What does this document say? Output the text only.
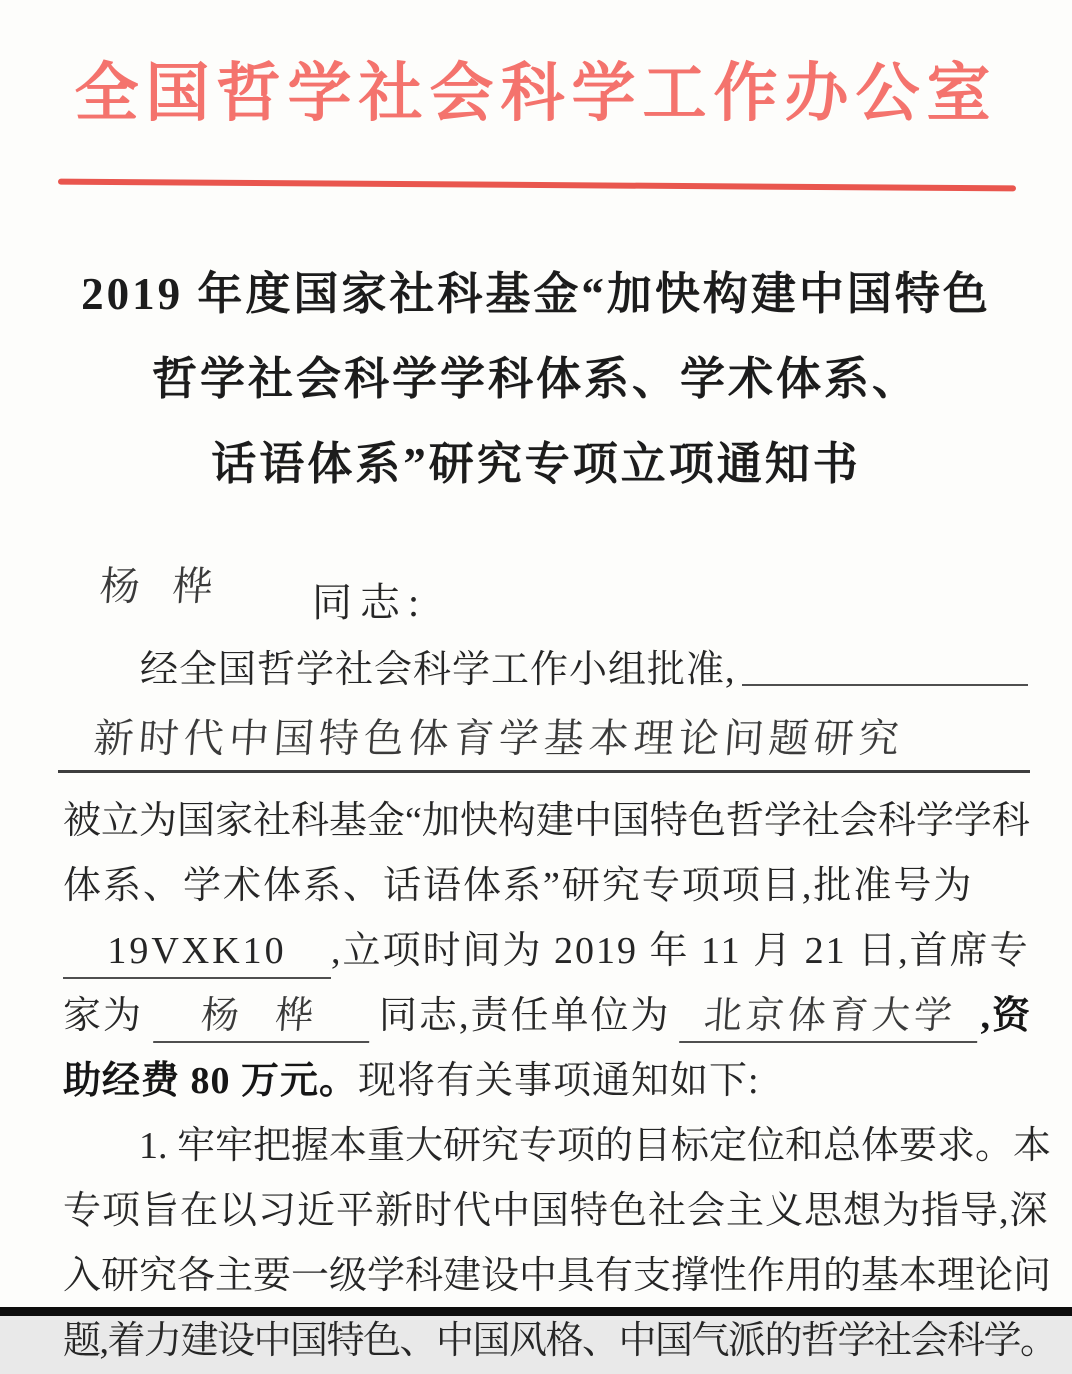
全国哲学社会科学工作办公室
2019 年度国家社科基金“加快构建中国特色
哲学社会科学学科体系、学术体系、
话语体系”研究专项立项通知书
杨 桦 同志:
经全国哲学社会科学工作小组批准,
新时代中国特色体育学基本理论问题研究

被立为国家社科基金“加快构建中国特色哲学社会科学学科

体系、学术体系、话语体系”研究专项项目,批准号为

19VXK10 ,立项时间为 2019 年 11 月 21 日,首席专

家为 杨 桦 同志,责任单位为 北京体育大学 ,资

助经费 80 万元。现将有关事项通知如下:

1. 牢牢把握本重大研究专项的目标定位和总体要求。本

专项旨在以习近平新时代中国特色社会主义思想为指导,深

入研究各主要一级学科建设中具有支撑性作用的基本理论问

题,着力建设中国特色、中国风格、中国气派的哲学社会科学。
